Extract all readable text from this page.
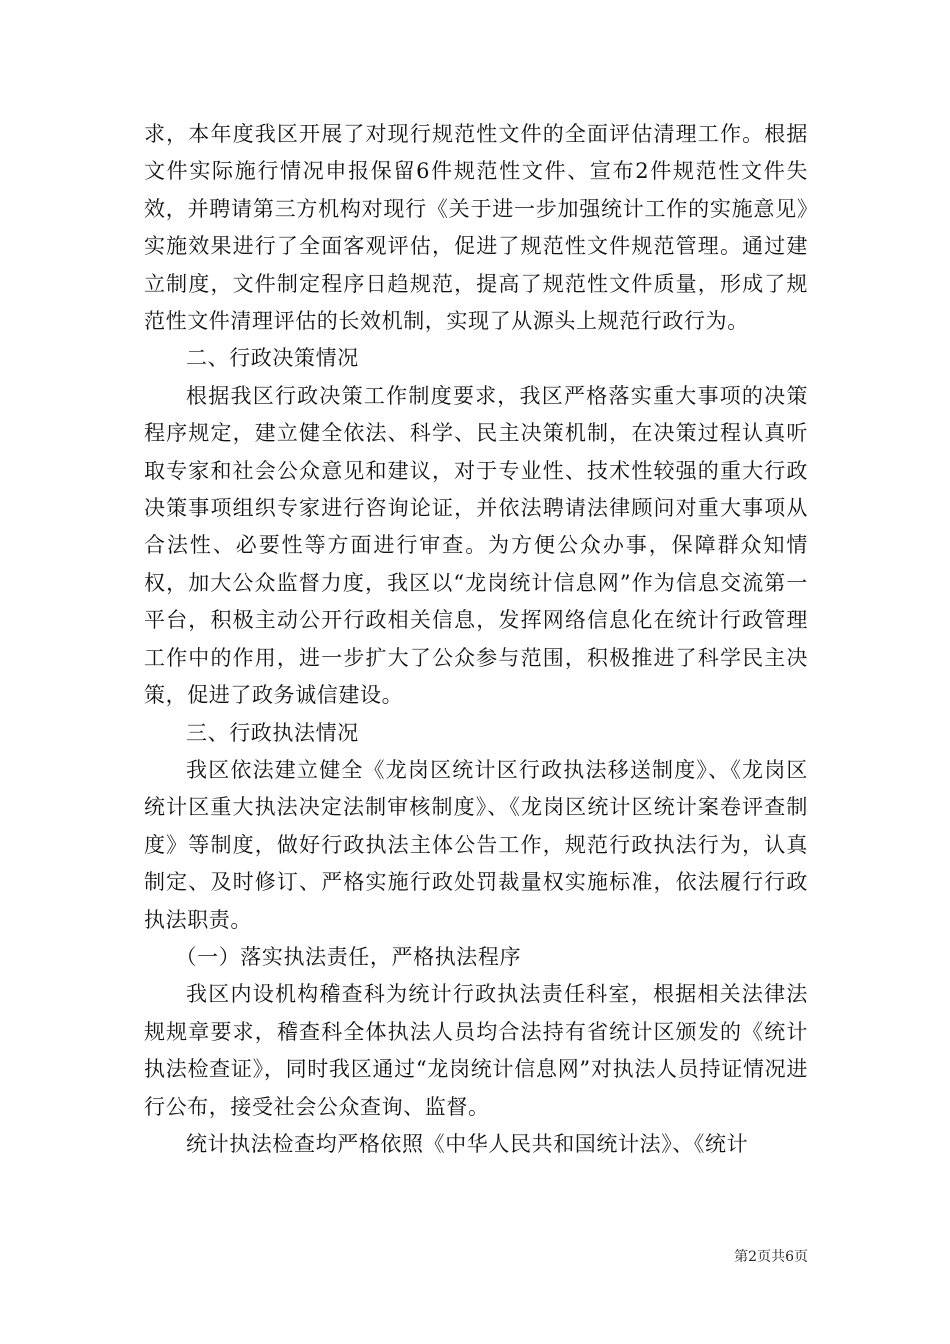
求，本年度我区开展了对现行规范性文件的全面评估清理工作。根据文件实际施行情况申报保留6件规范性文件、宣布2件规范性文件失效，并聘请第三方机构对现行《关于进一步加强统计工作的实施意见》实施效果进行了全面客观评估，促进了规范性文件规范管理。通过建立制度，文件制定程序日趋规范，提高了规范性文件质量，形成了规范性文件清理评估的长效机制，实现了从源头上规范行政行为。

二、行政决策情况

根据我区行政决策工作制度要求，我区严格落实重大事项的决策程序规定，建立健全依法、科学、民主决策机制，在决策过程认真听取专家和社会公众意见和建议，对于专业性、技术性较强的重大行政决策事项组织专家进行咨询论证，并依法聘请法律顾问对重大事项从合法性、必要性等方面进行审查。为方便公众办事，保障群众知情权，加大公众监督力度，我区以“龙岗统计信息网”作为信息交流第一平台，积极主动公开行政相关信息，发挥网络信息化在统计行政管理工作中的作用，进一步扩大了公众参与范围，积极推进了科学民主决策，促进了政务诚信建设。

三、行政执法情况

我区依法建立健全《龙岗区统计区行政执法移送制度》、《龙岗区统计区重大执法决定法制审核制度》、《龙岗区统计区统计案卷评查制度》等制度，做好行政执法主体公告工作，规范行政执法行为，认真制定、及时修订、严格实施行政处罚裁量权实施标准，依法履行行政执法职责。

（一）落实执法责任，严格执法程序

我区内设机构稽查科为统计行政执法责任科室，根据相关法律法规规章要求，稽查科全体执法人员均合法持有省统计区颁发的《统计执法检查证》，同时我区通过“龙岗统计信息网”对执法人员持证情况进行公布，接受社会公众查询、监督。

统计执法检查均严格依照《中华人民共和国统计法》、《统计

第2页共6页
